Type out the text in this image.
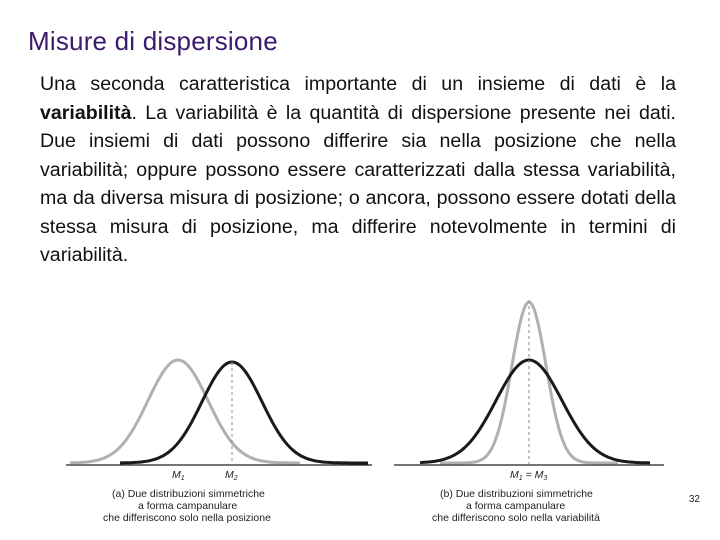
Misure di dispersione
Una seconda caratteristica importante di un insieme di dati è la variabilità. La variabilità è la quantità di dispersione presente nei dati. Due insiemi di dati possono differire sia nella posizione che nella variabilità; oppure possono essere caratterizzati dalla stessa variabilità, ma da diversa misura di posizione; o ancora, possono essere dotati della stessa misura di posizione, ma differire notevolmente in termini di variabilità.
M1	M2
(a) Due distribuzioni simmetriche
a forma campanulare
che differiscono solo nella posizione
M1 = M3
(b) Due distribuzioni simmetriche
a forma campanulare
che differiscono solo nella variabilità
32
